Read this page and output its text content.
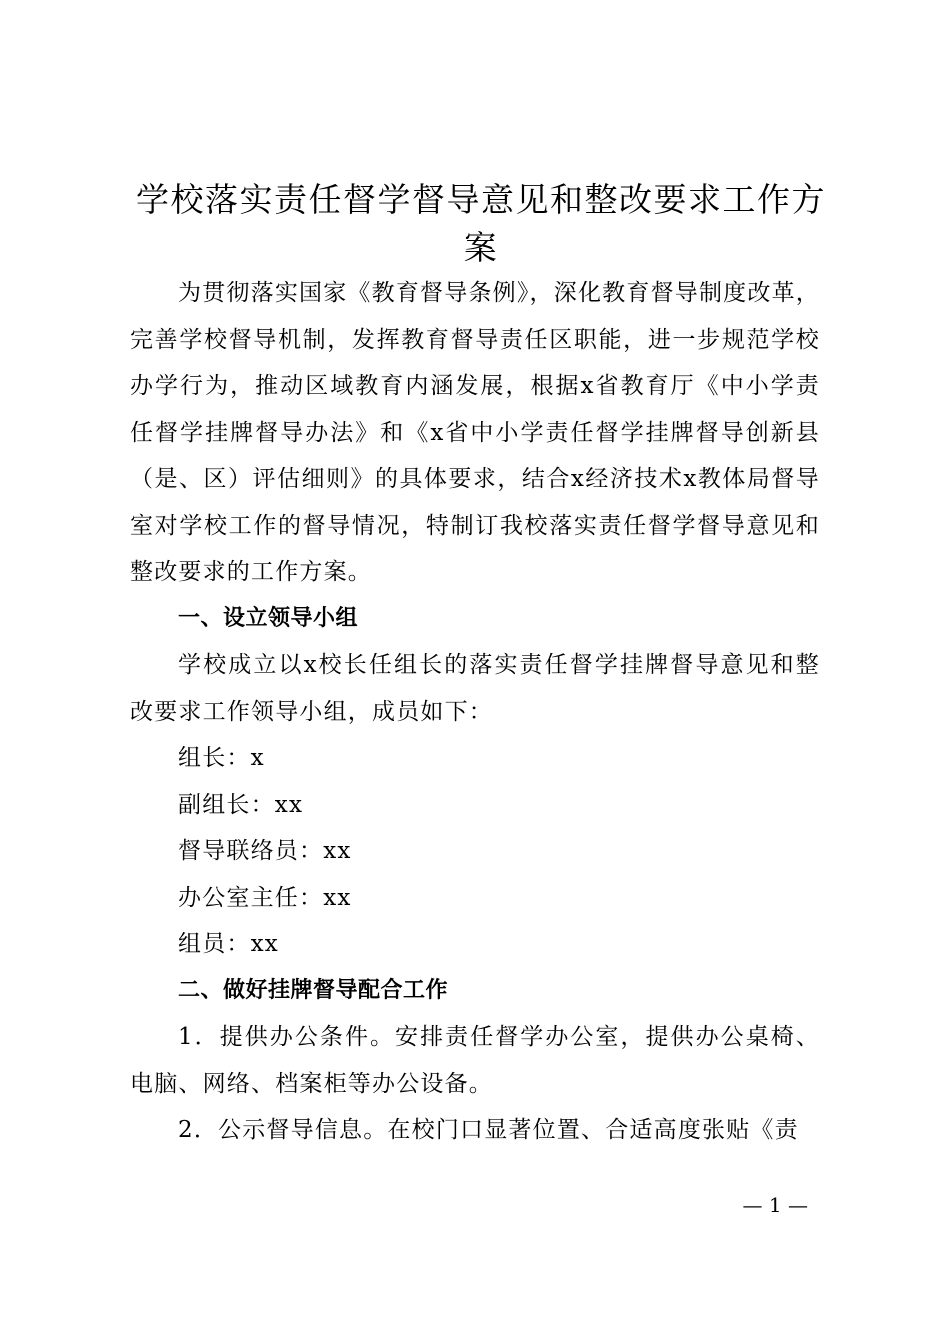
学校落实责任督学督导意见和整改要求工作方案

为贯彻落实国家《教育督导条例》，深化教育督导制度改革，完善学校督导机制，发挥教育督导责任区职能，进一步规范学校办学行为，推动区域教育内涵发展，根据x省教育厅《中小学责任督学挂牌督导办法》和《x省中小学责任督学挂牌督导创新县（是、区）评估细则》的具体要求，结合x经济技术x教体局督导室对学校工作的督导情况，特制订我校落实责任督学督导意见和整改要求的工作方案。

一、设立领导小组

学校成立以x校长任组长的落实责任督学挂牌督导意见和整改要求工作领导小组，成员如下：

组长：x

副组长：xx

督导联络员：xx

办公室主任：xx

组员：xx

二、做好挂牌督导配合工作

1．提供办公条件。安排责任督学办公室，提供办公桌椅、电脑、网络、档案柜等办公设备。

2．公示督导信息。在校门口显著位置、合适高度张贴《责

— 1 —
